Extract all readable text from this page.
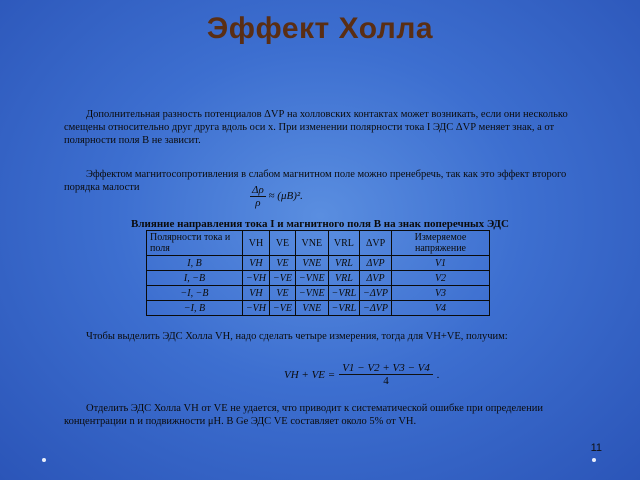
Эффект Холла

Дополнительная разность потенциалов ΔVР на холловских контактах может возникать, если они несколько смещены относительно друг друга вдоль оси x. При изменении полярности тока I ЭДС ΔVР меняет знак, а от полярности поля B не зависит.

Эффектом магнитосопротивления в слабом магнитном поле можно пренебречь, так как это эффект второго порядка малости	$\frac{\Delta\rho}{\rho} \approx (\mu B)^2$.
Влияние направления тока I и магнитного поля B на знак поперечных ЭДС
Полярности тока и поля	VН	VЕ	VNE	VRL	ΔVР	Измеряемое напряжение
I, B	VН	VЕ	VNE	VRL	ΔVР	V1
I, −B	−VН	−VЕ	−VNE	VRL	ΔVР	V2
−I, −B	VН	VЕ	−VNE	−VRL	−ΔVР	V3
−I, B	−VН	−VЕ	VNE	−VRL	−ΔVР	V4

Чтобы выделить ЭДС Холла VН, надо сделать четыре измерения, тогда для VН+VЕ, получим:

VН + VЕ = $\frac{V1 - V2 + V3 - V4}{4}$ .

Отделить ЭДС Холла VН от VЕ не удается, что приводит к систематической ошибке при определении концентрации n и подвижности μН. В Ge ЭДС VЕ составляет около 5% от VН.

11
